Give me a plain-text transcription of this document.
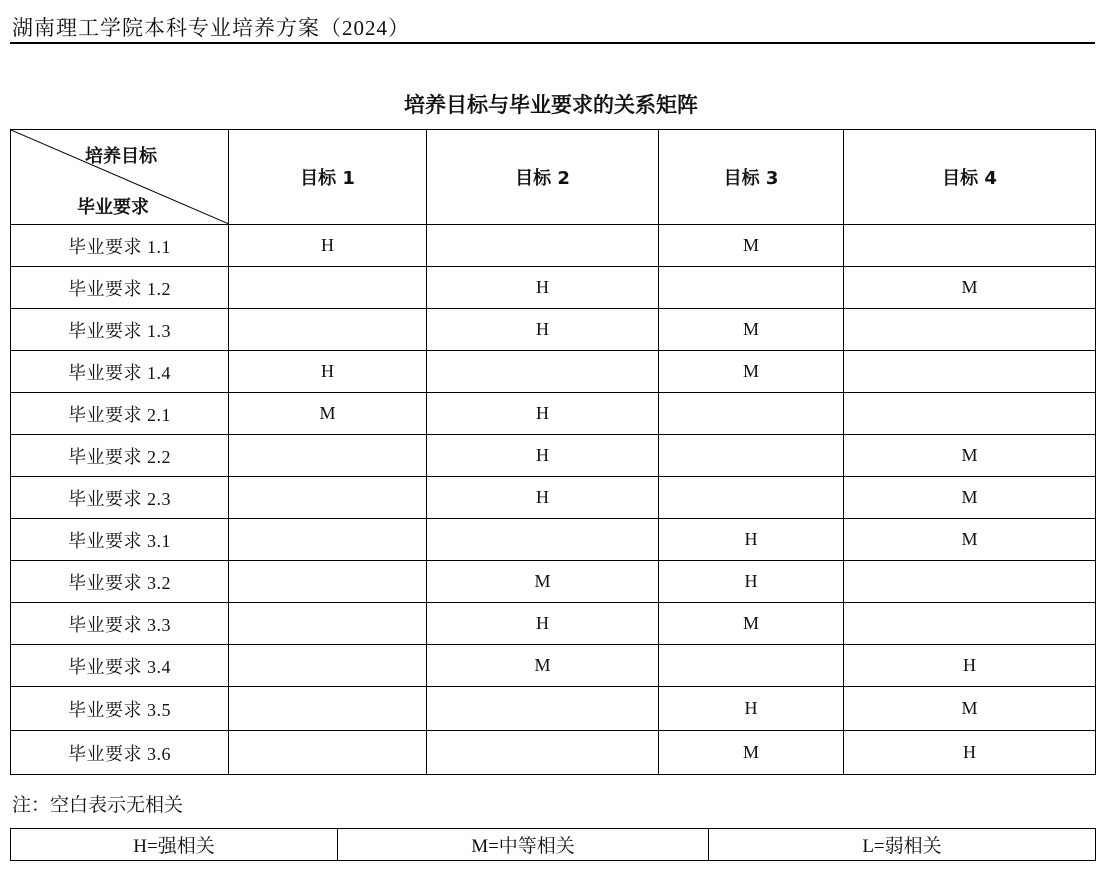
湖南理工学院本科专业培养方案（2024）
培养目标与毕业要求的关系矩阵
培养目标
毕业要求	目标 1	目标 2	目标 3	目标 4
毕业要求 1.1	H		M	
毕业要求 1.2		H		M
毕业要求 1.3		H	M	
毕业要求 1.4	H		M	
毕业要求 2.1	M	H		
毕业要求 2.2		H		M
毕业要求 2.3		H		M
毕业要求 3.1			H	M
毕业要求 3.2		M	H	
毕业要求 3.3		H	M	
毕业要求 3.4		M		H
毕业要求 3.5			H	M
毕业要求 3.6			M	H
注：空白表示无相关
H=强相关	M=中等相关	L=弱相关
